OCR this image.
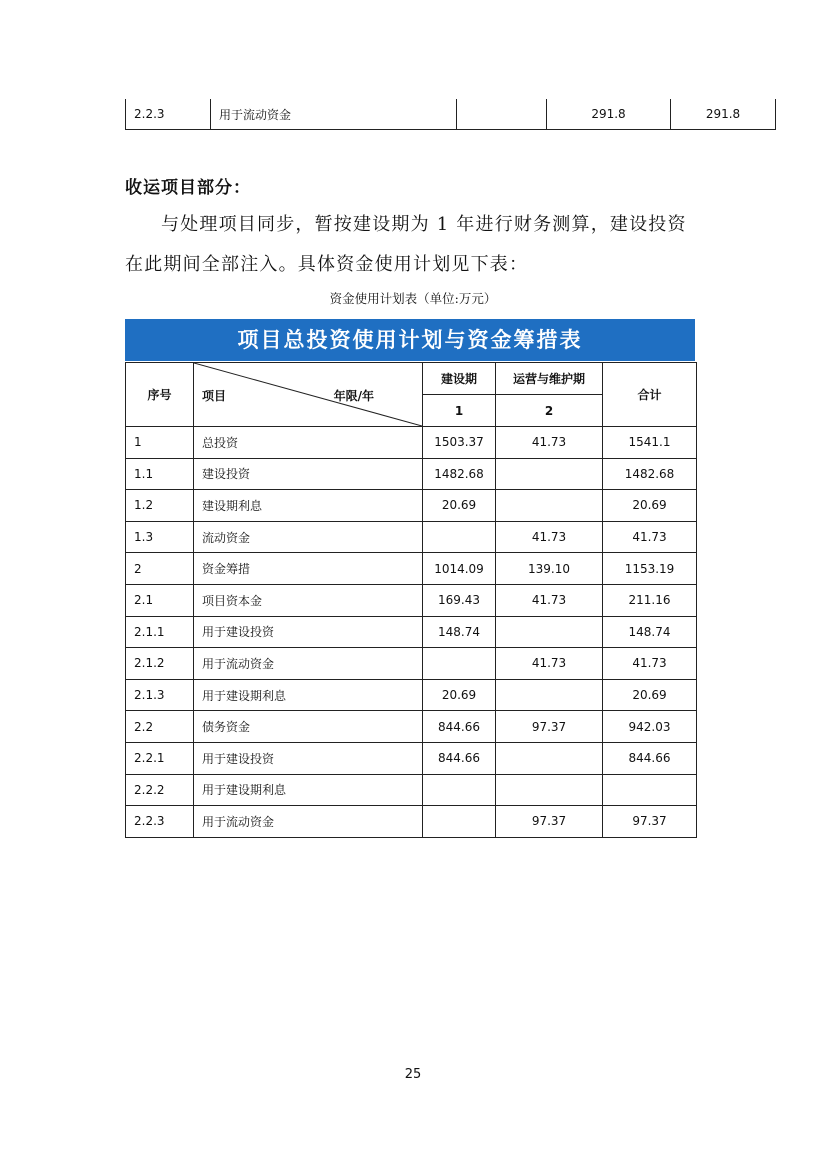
2.2.3	用于流动资金		291.8	291.8
收运项目部分：
与处理项目同步，暂按建设期为 1 年进行财务测算，建设投资
在此期间全部注入。具体资金使用计划见下表：
资金使用计划表（单位:万元）
项目总投资使用计划与资金筹措表
序号	项目 年限/年	建设期	运营与维护期	合计
		1	2	
1	总投资	1503.37	41.73	1541.1
1.1	建设投资	1482.68		1482.68
1.2	建设期利息	20.69		20.69
1.3	流动资金		41.73	41.73
2	资金筹措	1014.09	139.10	1153.19
2.1	项目资本金	169.43	41.73	211.16
2.1.1	用于建设投资	148.74		148.74
2.1.2	用于流动资金		41.73	41.73
2.1.3	用于建设期利息	20.69		20.69
2.2	债务资金	844.66	97.37	942.03
2.2.1	用于建设投资	844.66		844.66
2.2.2	用于建设期利息			
2.2.3	用于流动资金		97.37	97.37
25
